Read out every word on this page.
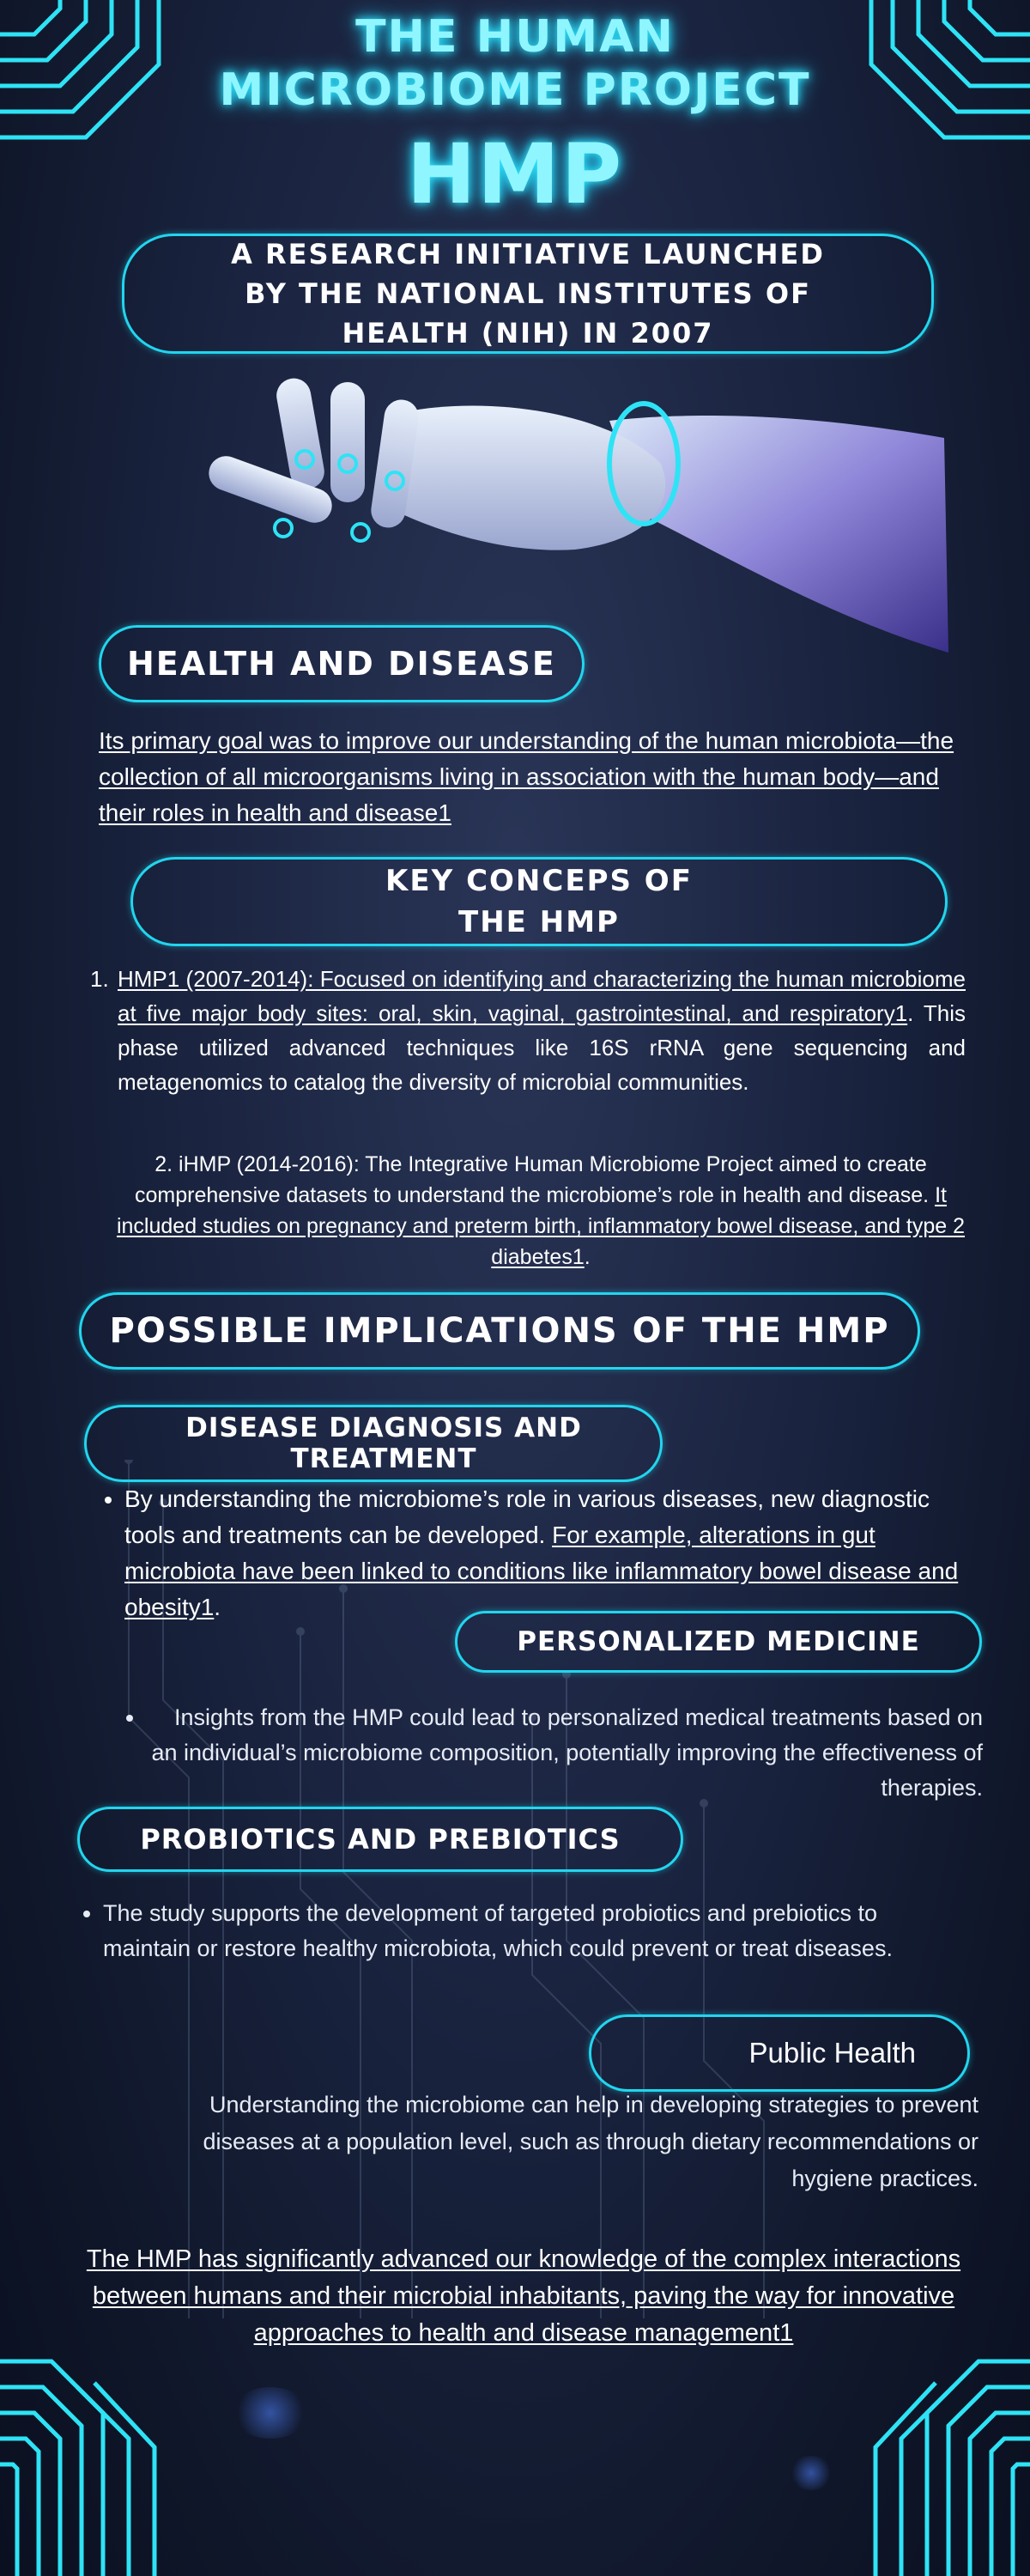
THE HUMAN MICROBIOME PROJECT
HMP
A RESEARCH INITIATIVE LAUNCHED BY THE NATIONAL INSTITUTES OF HEALTH (NIH) IN 2007
HEALTH AND DISEASE
Its primary goal was to improve our understanding of the human microbiota—the collection of all microorganisms living in association with the human body—and their roles in health and disease1
KEY CONCEPS OF THE HMP
1. HMP1 (2007-2014): Focused on identifying and characterizing the human microbiome at five major body sites: oral, skin, vaginal, gastrointestinal, and respiratory1. This phase utilized advanced techniques like 16S rRNA gene sequencing and metagenomics to catalog the diversity of microbial communities.
2. iHMP (2014-2016): The Integrative Human Microbiome Project aimed to create comprehensive datasets to understand the microbiome’s role in health and disease. It included studies on pregnancy and preterm birth, inflammatory bowel disease, and type 2 diabetes1.
POSSIBLE IMPLICATIONS OF THE HMP
DISEASE DIAGNOSIS AND TREATMENT
• By understanding the microbiome’s role in various diseases, new diagnostic tools and treatments can be developed. For example, alterations in gut microbiota have been linked to conditions like inflammatory bowel disease and obesity1.
PERSONALIZED MEDICINE
• Insights from the HMP could lead to personalized medical treatments based on an individual’s microbiome composition, potentially improving the effectiveness of therapies.
PROBIOTICS AND PREBIOTICS
• The study supports the development of targeted probiotics and prebiotics to maintain or restore healthy microbiota, which could prevent or treat diseases.
Public Health
Understanding the microbiome can help in developing strategies to prevent diseases at a population level, such as through dietary recommendations or hygiene practices.
The HMP has significantly advanced our knowledge of the complex interactions between humans and their microbial inhabitants, paving the way for innovative approaches to health and disease management1
